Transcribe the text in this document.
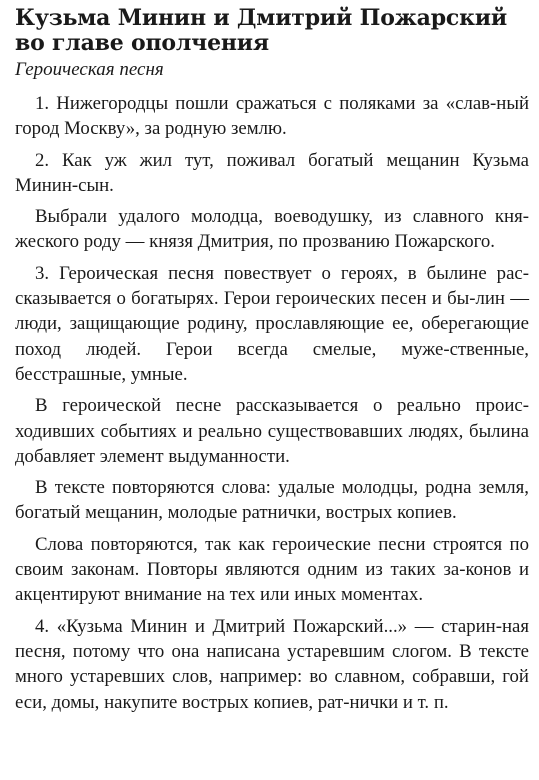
Кузьма Минин и Дмитрий Пожарский
во главе ополчения
Героическая песня

1. Нижегородцы пошли сражаться с поляками за «слав-ный город Москву», за родную землю.

2. Как уж жил тут, поживал богатый мещанин Кузьма Минин-сын.

Выбрали удалого молодца, воеводушку, из славного кня-жеского роду — князя Дмитрия, по прозванию Пожарского.

3. Героическая песня повествует о героях, в былине рас-сказывается о богатырях. Герои героических песен и бы-лин — люди, защищающие родину, прославляющие ее, оберегающие поход людей. Герои всегда смелые, муже-ственные, бесстрашные, умные.

В героической песне рассказывается о реально проис-ходивших событиях и реально существовавших людях, былина добавляет элемент выдуманности.

В тексте повторяются слова: удалые молодцы, родна земля, богатый мещанин, молодые ратнички, вострых копиев.

Слова повторяются, так как героические песни строятся по своим законам. Повторы являются одним из таких за-конов и акцентируют внимание на тех или иных моментах.

4. «Кузьма Минин и Дмитрий Пожарский...» — старин-ная песня, потому что она написана устаревшим слогом. В тексте много устаревших слов, например: во славном, собравши, гой еси, домы, накупите вострых копиев, рат-нички и т. п.
